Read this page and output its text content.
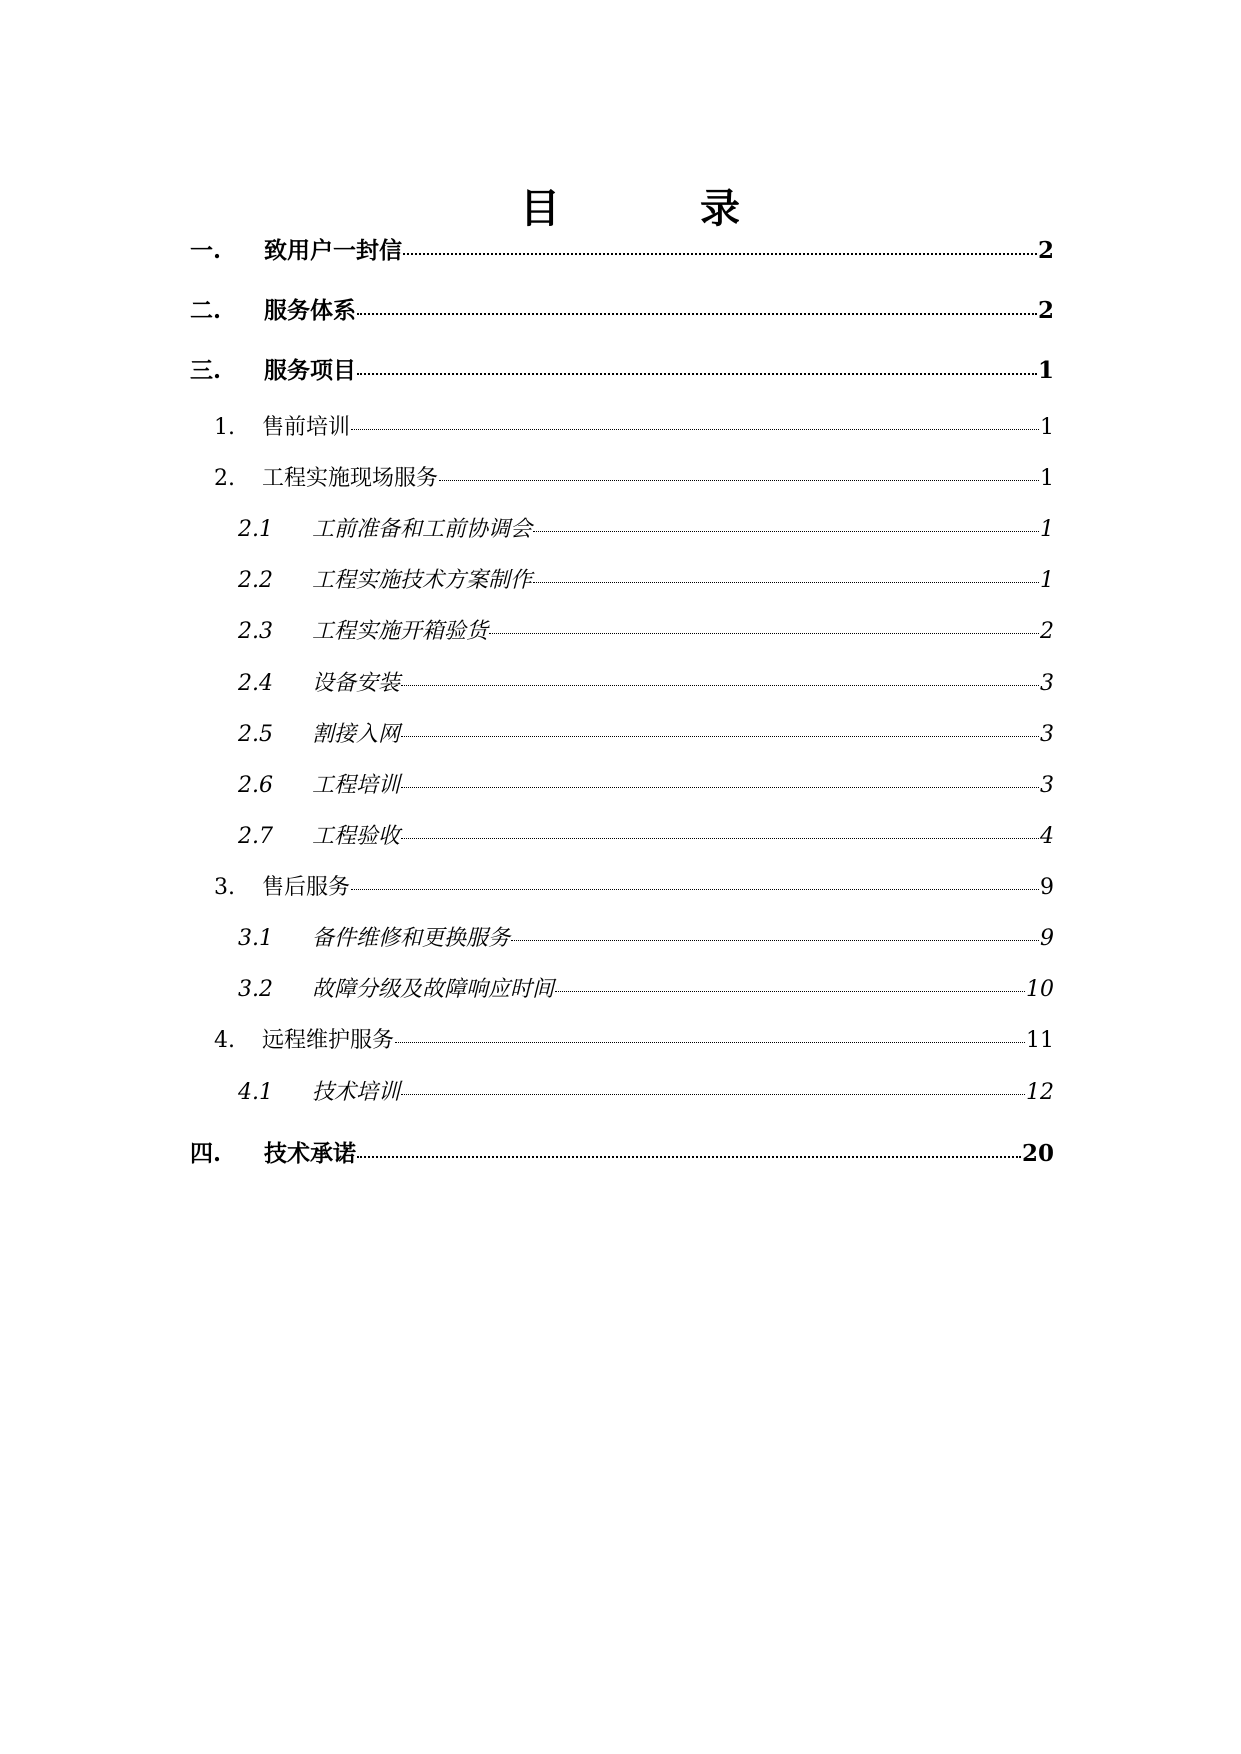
目	录
一.	致用户一封信	2
二.	服务体系	2
三.	服务项目	1
1.	售前培训	1
2.	工程实施现场服务	1
2.1	工前准备和工前协调会	1
2.2	工程实施技术方案制作	1
2.3	工程实施开箱验货	2
2.4	设备安装	3
2.5	割接入网	3
2.6	工程培训	3
2.7	工程验收	4
3.	售后服务	9
3.1	备件维修和更换服务	9
3.2	故障分级及故障响应时间	10
4.	远程维护服务	11
4.1	技术培训	12
四.	技术承诺	20
